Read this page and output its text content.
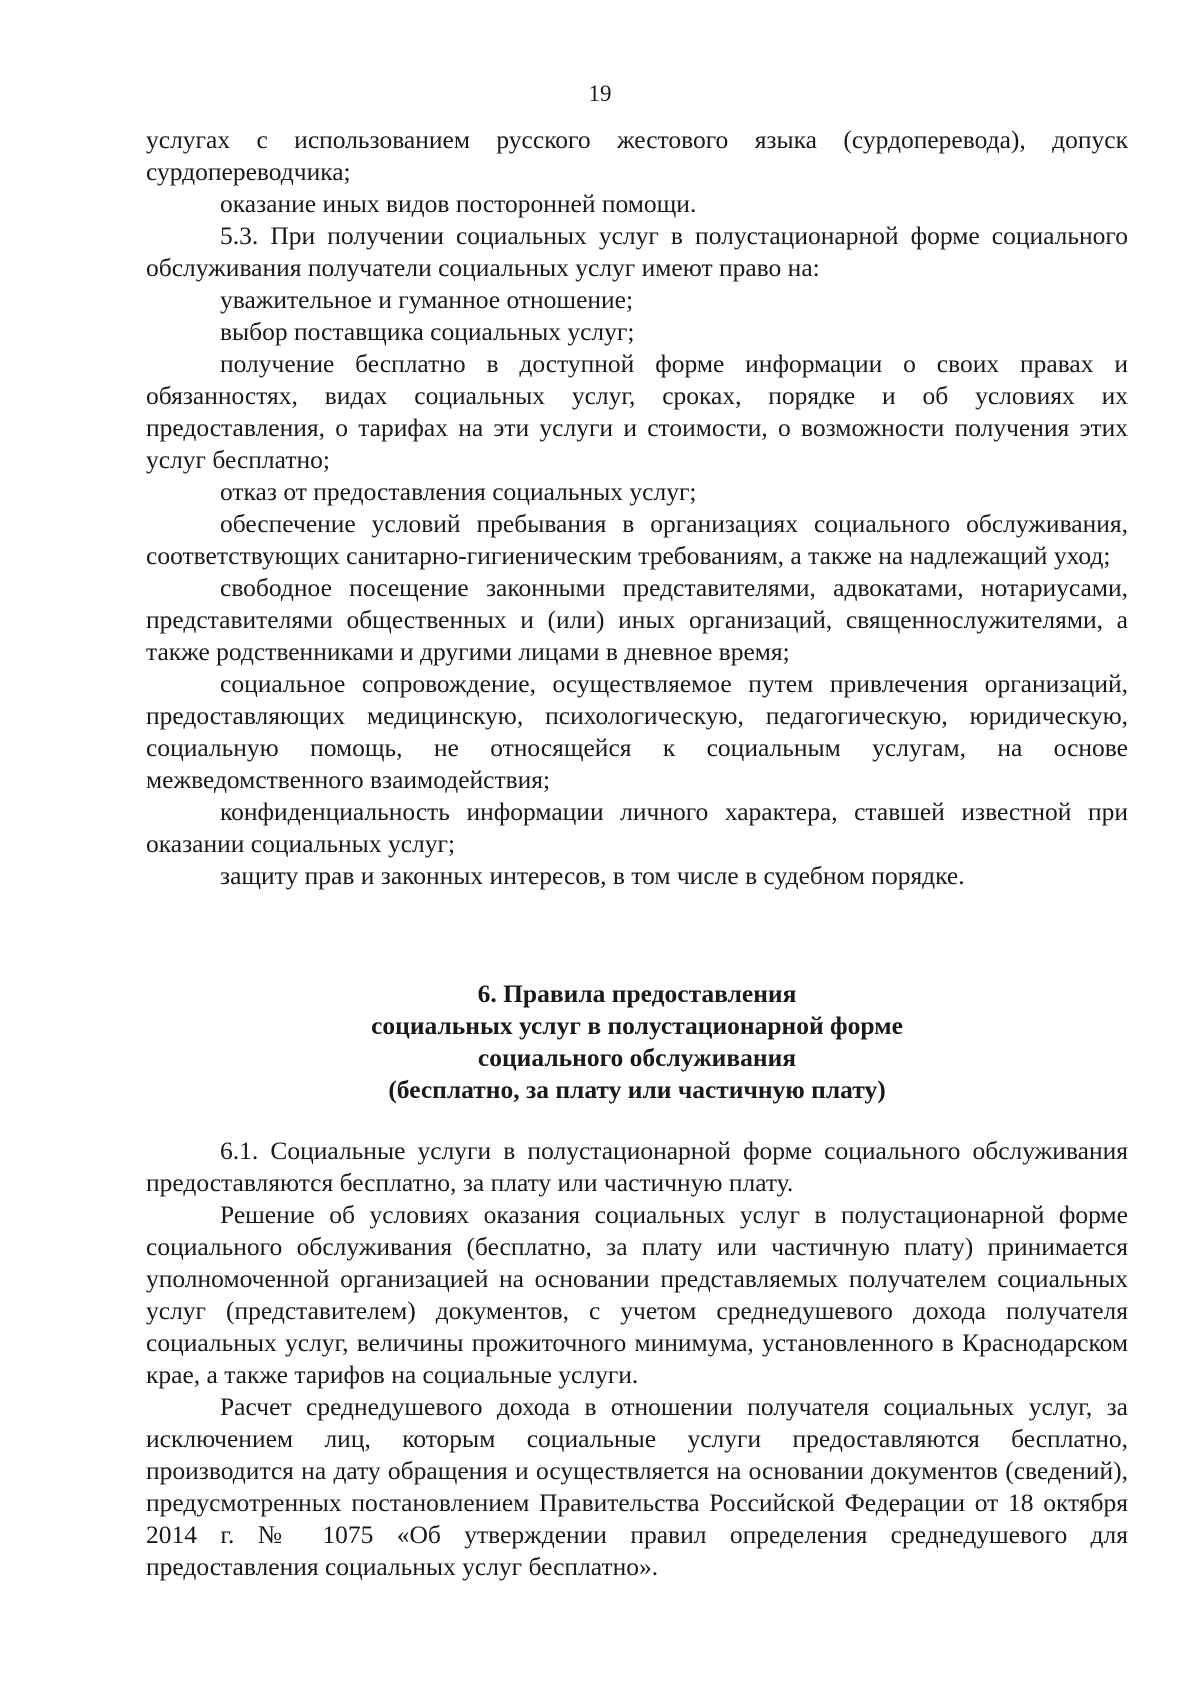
19

услугах с использованием русского жестового языка (сурдоперевода), допуск сурдопереводчика;

оказание иных видов посторонней помощи.

5.3. При получении социальных услуг в полустационарной форме социального обслуживания получатели социальных услуг имеют право на:

уважительное и гуманное отношение;

выбор поставщика социальных услуг;

получение бесплатно в доступной форме информации о своих правах и обязанностях, видах социальных услуг, сроках, порядке и об условиях их предоставления, о тарифах на эти услуги и стоимости, о возможности получения этих услуг бесплатно;

отказ от предоставления социальных услуг;

обеспечение условий пребывания в организациях социального обслуживания, соответствующих санитарно-гигиеническим требованиям, а также на надлежащий уход;

свободное посещение законными представителями, адвокатами, нотариусами, представителями общественных и (или) иных организаций, священнослужителями, а также родственниками и другими лицами в дневное время;

социальное сопровождение, осуществляемое путем привлечения организаций, предоставляющих медицинскую, психологическую, педагогическую, юридическую, социальную помощь, не относящейся к социальным услугам, на основе межведомственного взаимодействия;

конфиденциальность информации личного характера, ставшей известной при оказании социальных услуг;

защиту прав и законных интересов, в том числе в судебном порядке.

6. Правила предоставления
социальных услуг в полустационарной форме
социального обслуживания
(бесплатно, за плату или частичную плату)

6.1. Социальные услуги в полустационарной форме социального обслуживания предоставляются бесплатно, за плату или частичную плату.

Решение об условиях оказания социальных услуг в полустационарной форме социального обслуживания (бесплатно, за плату или частичную плату) принимается уполномоченной организацией на основании представляемых получателем социальных услуг (представителем) документов, с учетом среднедушевого дохода получателя социальных услуг, величины прожиточного минимума, установленного в Краснодарском крае, а также тарифов на социальные услуги.

Расчет среднедушевого дохода в отношении получателя социальных услуг, за исключением лиц, которым социальные услуги предоставляются бесплатно, производится на дату обращения и осуществляется на основании документов (сведений), предусмотренных постановлением Правительства Российской Федерации от 18 октября 2014 г. № 1075 «Об утверждении правил определения среднедушевого для предоставления социальных услуг бесплатно».
